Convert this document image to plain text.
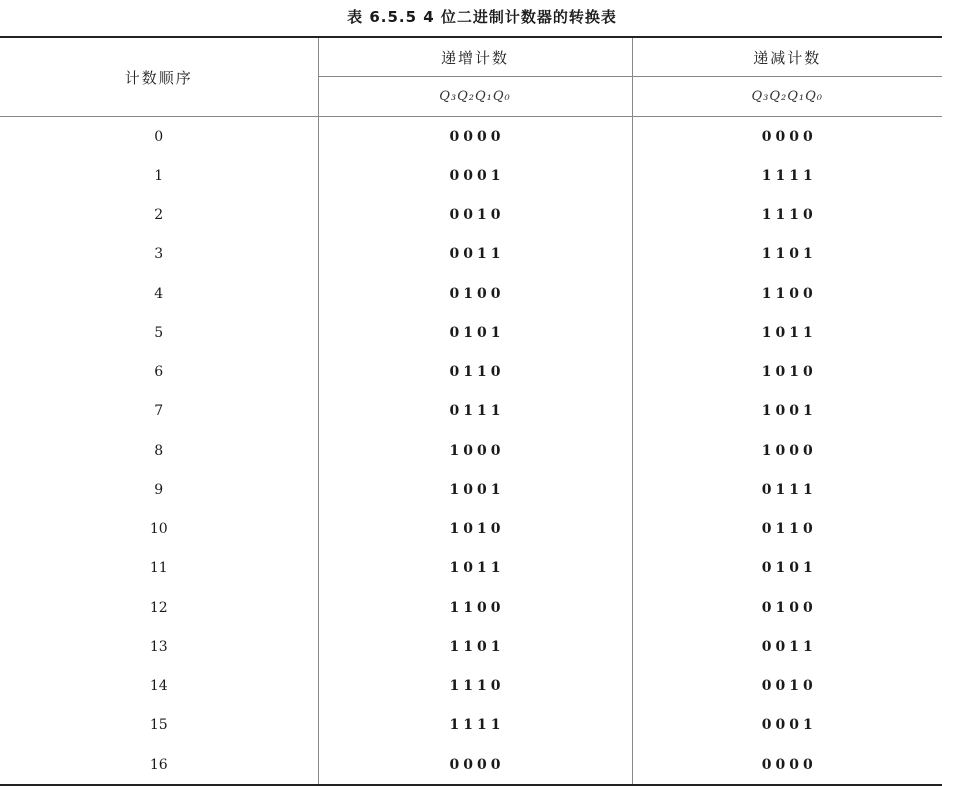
表 6.5.5 4 位二进制计数器的转换表
计数顺序	递增计数	递减计数
	Q₃Q₂Q₁Q₀	Q₃Q₂Q₁Q₀
0	0000	0000
1	0001	1111
2	0010	1110
3	0011	1101
4	0100	1100
5	0101	1011
6	0110	1010
7	0111	1001
8	1000	1000
9	1001	0111
10	1010	0110
11	1011	0101
12	1100	0100
13	1101	0011
14	1110	0010
15	1111	0001
16	0000	0000
